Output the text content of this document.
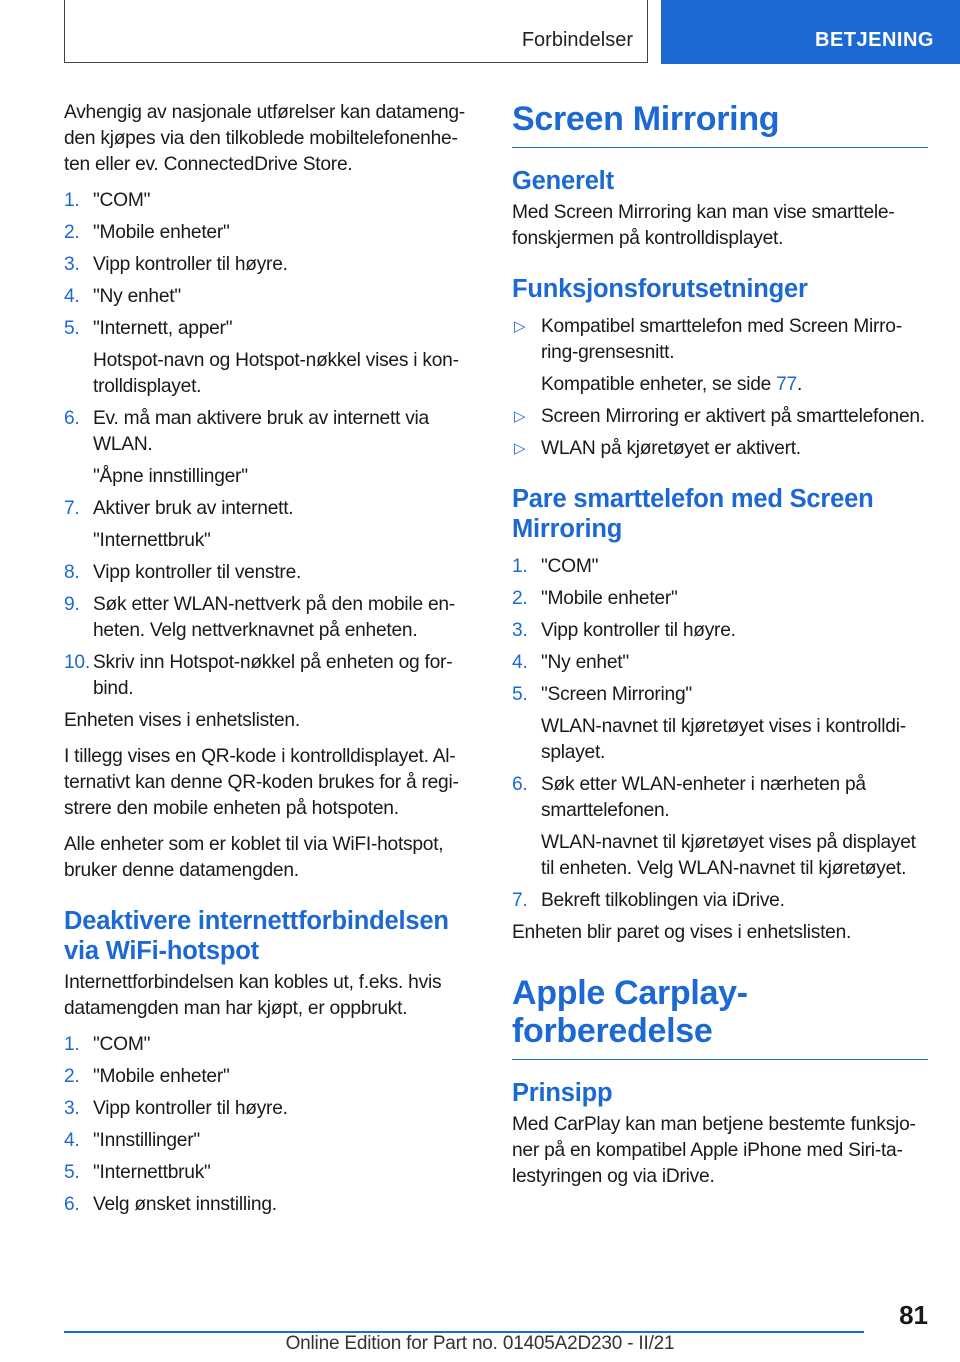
Forbindelser	BETJENING

Avhengig av nasjonale utførelser kan datamengden kjøpes via den tilkoblede mobiltelefonenheten eller ev. ConnectedDrive Store.

1. "COM"
2. "Mobile enheter"
3. Vipp kontroller til høyre.
4. "Ny enhet"
5. "Internett, apper"
Hotspot-navn og Hotspot-nøkkel vises i kontrolldisplayet.
6. Ev. må man aktivere bruk av internett via WLAN.
"Åpne innstillinger"
7. Aktiver bruk av internett.
"Internettbruk"
8. Vipp kontroller til venstre.
9. Søk etter WLAN-nettverk på den mobile enheten. Velg nettverknavnet på enheten.
10. Skriv inn Hotspot-nøkkel på enheten og forbind.

Enheten vises i enhetslisten.

I tillegg vises en QR-kode i kontrolldisplayet. Alternativt kan denne QR-koden brukes for å registrere den mobile enheten på hotspoten.

Alle enheter som er koblet til via WiFI-hotspot, bruker denne datamengden.

Deaktivere internettforbindelsen via WiFi-hotspot

Internettforbindelsen kan kobles ut, f.eks. hvis datamengden man har kjøpt, er oppbrukt.

1. "COM"
2. "Mobile enheter"
3. Vipp kontroller til høyre.
4. "Innstillinger"
5. "Internettbruk"
6. Velg ønsket innstilling.
Screen Mirroring
Generelt

Med Screen Mirroring kan man vise smarttelefonskjermen på kontrolldisplayet.

Funksjonsforutsetninger
▷ Kompatibel smarttelefon med Screen Mirroring-grensesnitt.
Kompatible enheter, se side 77.
▷ Screen Mirroring er aktivert på smarttelefonen.
▷ WLAN på kjøretøyet er aktivert.
Pare smarttelefon med Screen Mirroring
1. "COM"
2. "Mobile enheter"
3. Vipp kontroller til høyre.
4. "Ny enhet"
5. "Screen Mirroring"
WLAN-navnet til kjøretøyet vises i kontrolldisplayet.
6. Søk etter WLAN-enheter i nærheten på smarttelefonen.
WLAN-navnet til kjøretøyet vises på displayet til enheten. Velg WLAN-navnet til kjøretøyet.
7. Bekreft tilkoblingen via iDrive.

Enheten blir paret og vises i enhetslisten.

Apple Carplay-forberedelse
Prinsipp

Med CarPlay kan man betjene bestemte funksjoner på en kompatibel Apple iPhone med Siri-talestyringen og via iDrive.

81
Online Edition for Part no. 01405A2D230 - II/21
